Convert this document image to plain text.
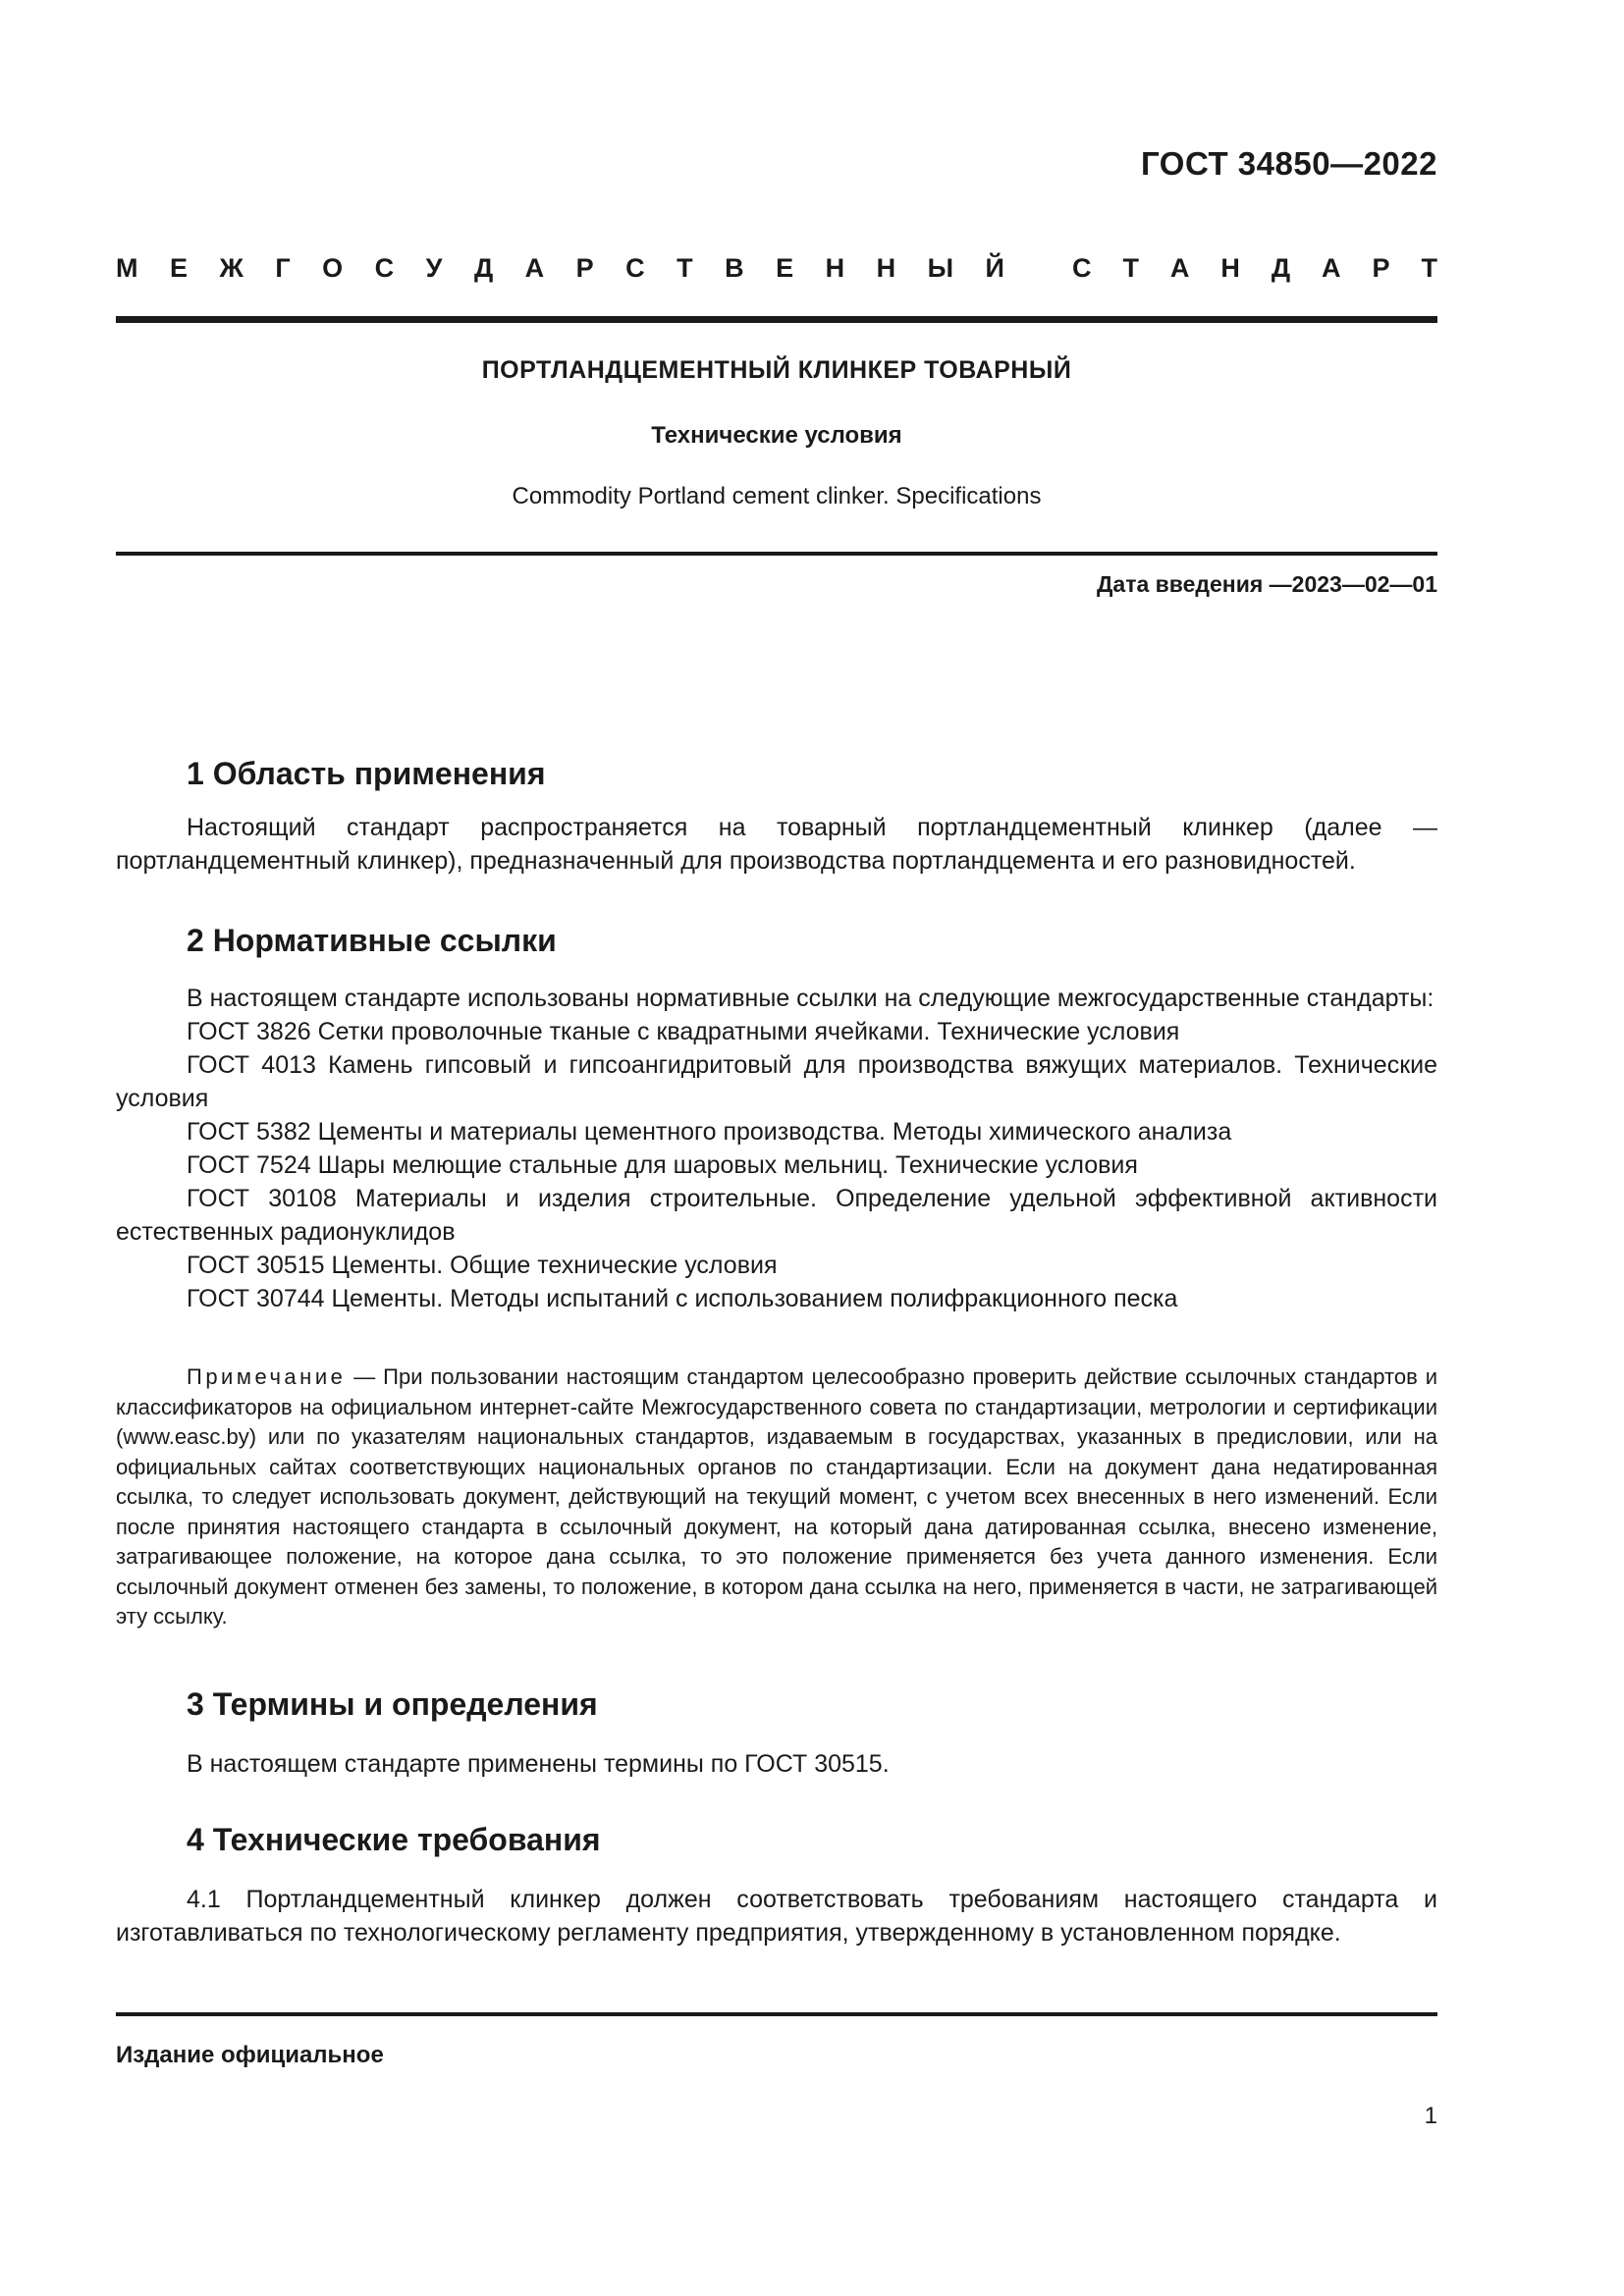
ГОСТ 34850—2022
М Е Ж Г О С У Д А Р С Т В Е Н Н Ы Й	С Т А Н Д А Р Т
ПОРТЛАНДЦЕМЕНТНЫЙ КЛИНКЕР ТОВАРНЫЙ
Технические условия
Commodity Portland cement clinker. Specifications
Дата введения —2023—02—01
1 Область применения

Настоящий стандарт распространяется на товарный портландцементный клинкер (далее — портландцементный клинкер), предназначенный для производства портландцемента и его разновидностей.

2 Нормативные ссылки

В настоящем стандарте использованы нормативные ссылки на следующие межгосударственные стандарты:

ГОСТ 3826 Сетки проволочные тканые с квадратными ячейками. Технические условия

ГОСТ 4013 Камень гипсовый и гипсоангидритовый для производства вяжущих материалов. Технические условия

ГОСТ 5382 Цементы и материалы цементного производства. Методы химического анализа

ГОСТ 7524 Шары мелющие стальные для шаровых мельниц. Технические условия

ГОСТ 30108 Материалы и изделия строительные. Определение удельной эффективной активности естественных радионуклидов

ГОСТ 30515 Цементы. Общие технические условия

ГОСТ 30744 Цементы. Методы испытаний с использованием полифракционного песка

Примечание — При пользовании настоящим стандартом целесообразно проверить действие ссылочных стандартов и классификаторов на официальном интернет-сайте Межгосударственного совета по стандартизации, метрологии и сертификации (www.easc.by) или по указателям национальных стандартов, издаваемым в государствах, указанных в предисловии, или на официальных сайтах соответствующих национальных органов по стандартизации. Если на документ дана недатированная ссылка, то следует использовать документ, действующий на текущий момент, с учетом всех внесенных в него изменений. Если после принятия настоящего стандарта в ссылочный документ, на который дана датированная ссылка, внесено изменение, затрагивающее положение, на которое дана ссылка, то это положение применяется без учета данного изменения. Если ссылочный документ отменен без замены, то положение, в котором дана ссылка на него, применяется в части, не затрагивающей эту ссылку.

3 Термины и определения

В настоящем стандарте применены термины по ГОСТ 30515.

4 Технические требования

4.1 Портландцементный клинкер должен соответствовать требованиям настоящего стандарта и изготавливаться по технологическому регламенту предприятия, утвержденному в установленном порядке.

Издание официальное
1
